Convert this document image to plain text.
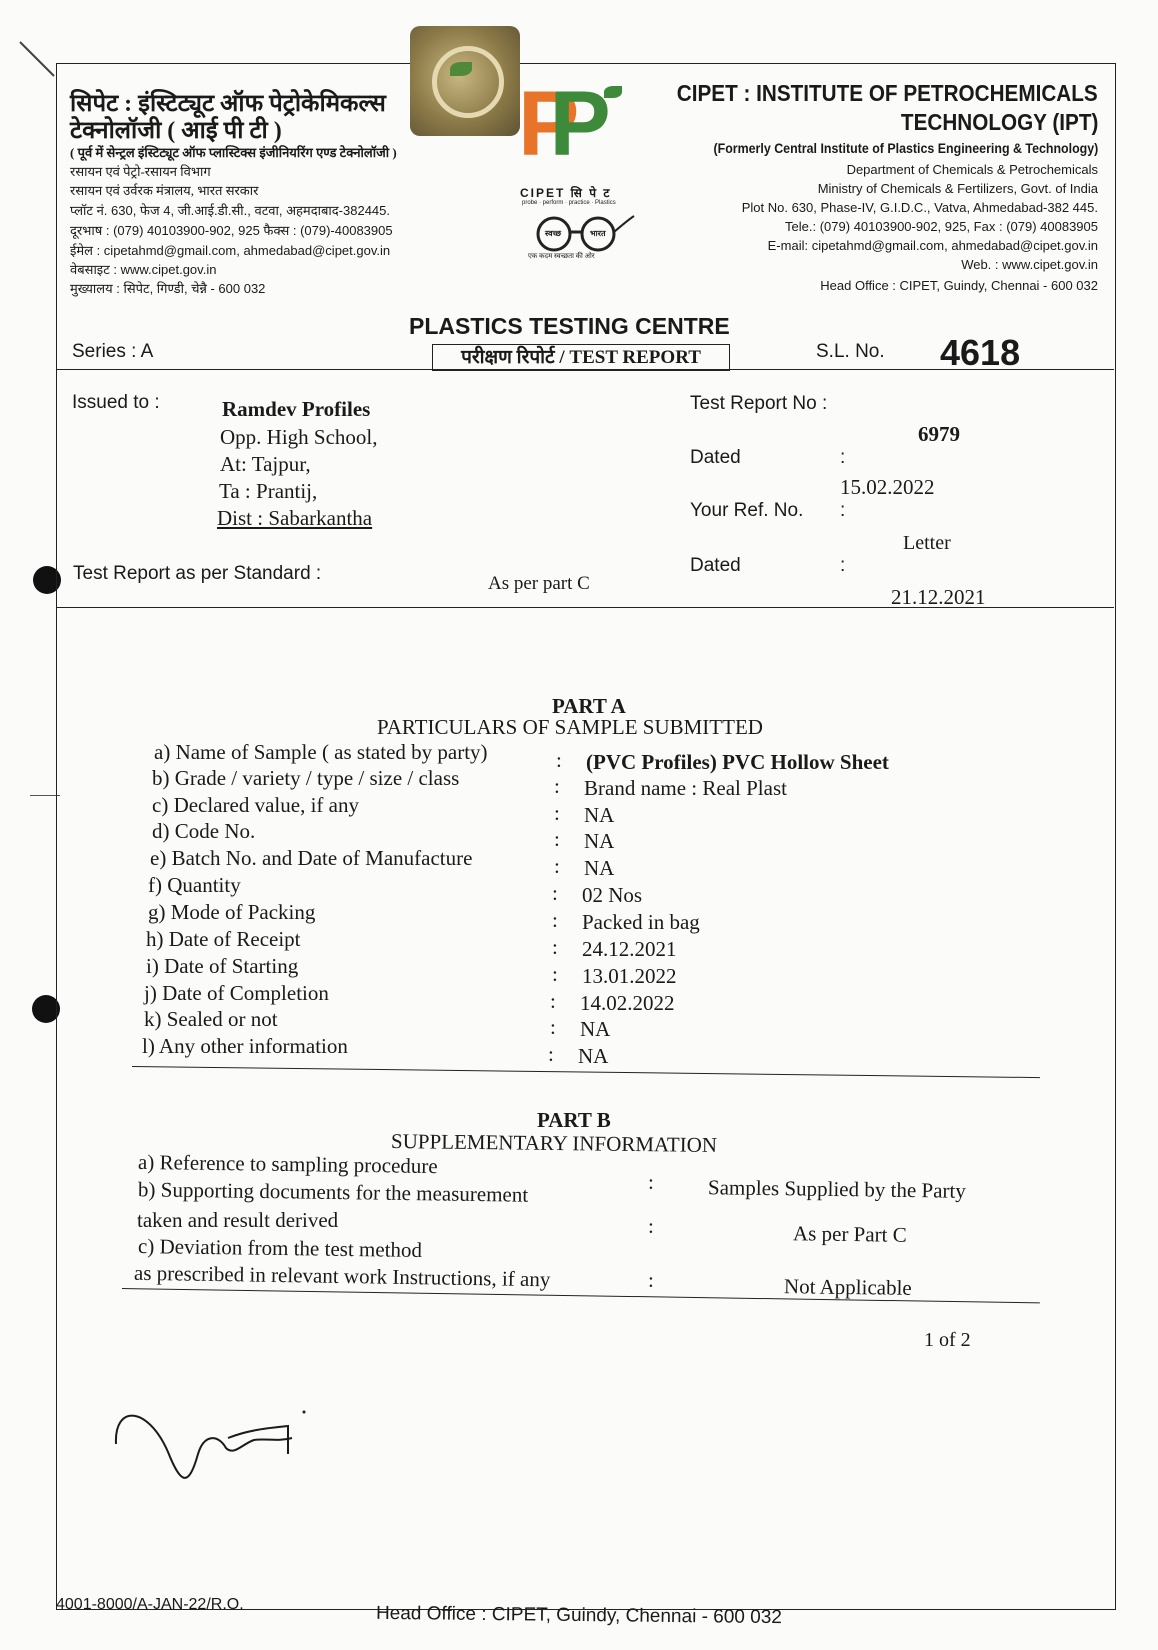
सिपेट : इंस्टिट्यूट ऑफ पेट्रोकेमिकल्स
टेक्नोलॉजी ( आई पी टी )
( पूर्व में सेन्ट्रल इंस्टिट्यूट ऑफ प्लास्टिक्स इंजीनियरिंग एण्ड टेक्नोलॉजी )
रसायन एवं पेट्रो-रसायन विभाग
रसायन एवं उर्वरक मंत्रालय, भारत सरकार
प्लॉट नं. 630, फेज 4, जी.आई.डी.सी., वटवा, अहमदाबाद-382445.
दूरभाष : (079) 40103900-902, 925 फैक्स : (079)-40083905
ईमेल : cipetahmd@gmail.com, ahmedabad@cipet.gov.in
वेबसाइट : www.cipet.gov.in
मुख्यालय : सिपेट, गिण्डी, चेन्नै - 600 032
PP
CIPET सि पे ट
probe · perform · practice · Plastics
स्वच्छ	भारत
एक कदम स्वच्छता की ओर
CIPET : INSTITUTE OF PETROCHEMICALS
TECHNOLOGY (IPT)
(Formerly Central Institute of Plastics Engineering & Technology)
Department of Chemicals & Petrochemicals
Ministry of Chemicals & Fertilizers, Govt. of India
Plot No. 630, Phase-IV, G.I.D.C., Vatva, Ahmedabad-382 445.
Tele.: (079) 40103900-902, 925, Fax : (079) 40083905
E-mail: cipetahmd@gmail.com, ahmedabad@cipet.gov.in
Web. : www.cipet.gov.in
Head Office : CIPET, Guindy, Chennai - 600 032
PLASTICS TESTING CENTRE
परीक्षण रिपोर्ट / TEST REPORT
Series : A	S.L. No. 4618
Issued to :	Ramdev Profiles
Opp. High School,
At: Tajpur,
Ta : Prantij,
Dist : Sabarkantha
Test Report as per Standard :	As per part C
Test Report No :
6979
Dated	:
15.02.2022
Your Ref. No. :
Letter
Dated	:
21.12.2021
PART A
PARTICULARS OF SAMPLE SUBMITTED
a) Name of Sample ( as stated by party)	: (PVC Profiles) PVC Hollow Sheet
b) Grade / variety / type / size / class	: Brand name : Real Plast
c) Declared value, if any	: NA
d) Code No.	: NA
e) Batch No. and Date of Manufacture	: NA
f) Quantity	: 02 Nos
g) Mode of Packing	: Packed in bag
h) Date of Receipt	: 24.12.2021
i) Date of Starting	: 13.01.2022
j) Date of Completion	: 14.02.2022
k) Sealed or not	: NA
l) Any other information	: NA
PART B
SUPPLEMENTARY INFORMATION
a) Reference to sampling procedure
:	Samples Supplied by the Party
b) Supporting documents for the measurement
taken and result derived	:	As per Part C
c) Deviation from the test method
as prescribed in relevant work Instructions, if any	:	Not Applicable
1 of 2
4001-8000/A-JAN-22/R.O.	Head Office : CIPET, Guindy, Chennai - 600 032
